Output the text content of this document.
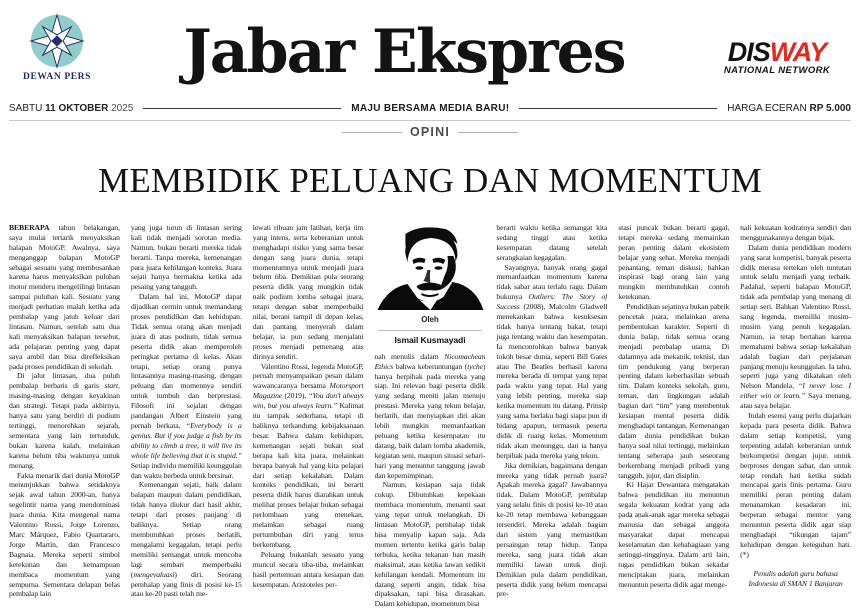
DEWAN PERS	Jabar Ekspres	DISWAY
NATIONAL NETWORK
SABTU 11 OKTOBER 2025	MAJU BERSAMA MEDIA BARU!	HARGA ECERAN RP 5.000
OPINI
MEMBIDIK PELUANG DAN MOMENTUM

BEBERAPA tahun belakangan, saya mulai tertarik menyaksikan balapan MotoGP. Awalnya, saya menganggap balapan MotoGP sebagai sesuatu yang membosankan karena harus menyaksikan puluhan motor menderu mengelilingi lintasan sampai puluhan kali. Sesuatu yang menjadi perhatian malah ketika ada pembalap yang jatuh keluar dari lintasan. Namun, setelah satu dua kali menyaksikan balapan tersebut, ada pelajaran penting yang dapat saya ambil dan bisa direfleksikan pada proses pendidikan di sekolah.

Di jalur lintasan, dua puluh pembalap berbaris di garis start, masing-masing dengan keyakinan dan strategi. Tetapi pada akhirnya, hanya satu yang berdiri di podium tertinggi, menorehkan sejarah, sementara yang lain tertunduk, bukan karena kalah, melainkan karena belum tiba waktunya untuk menang.

Fakta menarik dari dunia MotoGP menunjukkan bahwa setidaknya sejak awal tahun 2000-an, hanya segelintir nama yang mendominasi juara dunia. Kita mengenal nama Valentino Rossi, Jorge Lorenzo, Marc Márquez, Fabio Quartararo, Jorge Martín, dan Francesco Bagnaia. Mereka seperti simbol ketekunan dan kemampuan membaca momentum yang sempurna. Sementara delapan belas pembalap lain

yang juga turun di lintasan sering kali tidak menjadi sorotan media. Namun, bukan berarti mereka tidak berarti. Tanpa mereka, kemenangan para juara kehilangan konteks. Juara sejati hanya bermakna ketika ada pesaing yang tangguh.

Dalam hal ini, MotoGP dapat dijadikan cermin untuk memandang proses pendidikan dan kehidupan. Tidak semua orang akan menjadi juara di atas podium, tidak semua peserta didik akan memperoleh peringkat pertama di kelas. Akan tetapi, setiap orang punya lintasannya masing-masing, dengan peluang dan momennya sendiri untuk tumbuh dan berprestasi. Filosofi ini sejalan dengan pandangan Albert Einstein yang pernah berkata, “Everybody is a genius. But if you judge a fish by its ability to climb a tree, it will live its whole life believing that it is stupid.” Setiap individu memiliki keunggulan dan waktu berbeda untuk bersinar.

Kemenangan sejati, baik dalam balapan maupun dalam pendidikan, tidak hanya diukur dari hasil akhir, tetapi dari proses panjang di baliknya. Setiap orang membutuhkan proses berlatih, mengalami kegagalan, tetapi perlu memiliki semangat untuk mencoba lagi sembari memperbaiki (mengevaluasi) diri. Seorang pembalap yang finis di posisi ke-15 atau ke-20 pasti telah me-

lewati ribuan jam latihan, kerja tim yang intens, serta keberanian untuk menghadapi risiko yang sama besar dengan sang juara dunia, tetapi momentumnya untuk menjadi juara belum tiba. Demikian pula seorang peserta didik yang mungkin tidak naik podium lomba sebagai juara, tetapi dengan sabar memperbaiki nilai, berani tampil di depan kelas, dan pantang menyerah dalam belajar, ia pun sedang menjalani proses menjadi pemenang atas dirinya sendiri.

Valentino Rossi, legenda MotoGP, pernah menyampaikan pesan dalam wawancaranya bersama Motorsport Magazine (2019), “You don’t always win, but you always learn.” Kalimat itu tampak sederhana, tetapi di baliknya terkandung kebijaksanaan besar. Bahwa dalam kehidupan, kemenangan sejati bukan soal berapa kali kita juara, melainkan berapa banyak hal yang kita pelajari dari setiap kekalahan. Dalam konteks pendidikan, ini berarti peserta didik harus diarahkan untuk melihat proses belajar bukan sebagai perlombaan yang menekan, melainkan sebagai ruang pertumbuhan diri yang terus berkembang.

Peluang bukanlah sesuatu yang muncul secara tiba-tiba, melainkan hasil pertemuan antara kesiapan dan kesempatan. Aristoteles per-

Oleh
Ismail Kusmayadi

nah menulis dalam Nicomachean Ethics bahwa keberuntungan (tyche) hanya berpihak pada mereka yang siap. Ini relevan bagi peserta didik yang sedang meniti jalan menuju prestasi. Mereka yang tekun belajar, berlatih, dan menyiapkan diri akan lebih mungkin memanfaatkan peluang ketika kesempatan itu datang, baik dalam lomba akademik, kegiatan seni, maupun situasi sehari-hari yang menuntut tanggung jawab dan kepemimpinan.

Namun, kesiapan saja tidak cukup. Dibutuhkan kepekaan membaca momentum, menanti saat yang tepat untuk melangkah. Di lintasan MotoGP, pembalap tidak bisa menyalip kapan saja. Ada momen tertentu ketika garis balap terbuka, ketika tekanan ban masih maksimal, atau ketika lawan sedikit kehilangan kendali. Momentum itu datang seperti angin, tidak bisa dipaksakan, tapi bisa dirasakan. Dalam kehidupan, momentum bisa

berarti waktu ketika semangat kita sedang tinggi atau ketika kesempatan datang setelah serangkaian kegagalan.

Sayangnya, banyak orang gagal memanfaatkan momentum karena tidak sabar atau terlalu ragu. Dalam bukunya Outliers: The Story of Success (2008), Malcolm Gladwell menekankan bahwa kesuksesan tidak hanya tentang bakat, tetapi juga tentang waktu dan kesempatan. Ia mencontohkan bahwa banyak tokoh besar dunia, seperti Bill Gates atau The Beatles berhasil karena mereka berada di tempat yang tepat pada waktu yang tepat. Hal yang yang lebih penting, mereka siap ketika momentum itu datang. Prinsip yang sama berlaku bagi siapa pun di bidang apapun, termasuk peserta didik di ruang kelas. Momentum tidak akan menunggu, dan ia hanya berpihak pada mereka yang tekun.

Jika demikian, bagaimana dengan mereka yang tidak pernah juara? Apakah mereka gagal? Jawabannya tidak. Dalam MotoGP, pembalap yang selalu finis di posisi ke-10 atau ke-20 tetap membawa kebanggaan tersendiri. Mereka adalah bagian dari sistem yang memastikan persaingan tetap hidup. Tanpa mereka, sang juara tidak akan memiliki lawan untuk diuji. Demikian pula dalam pendidikan, peserta didik yang belum mencapai pre-

stasi puncak bukan berarti gagal, tetapi mereka sedang memainkan peran penting dalam ekosistem belajar yang sehat. Mereka menjadi penantang, teman diskusi, bahkan inspirasi bagi orang lain yang mungkin membutuhkan contoh ketekunan.

Pendidikan sejatinya bukan pabrik pencetak juara, melainkan arena pembentukan karakter. Seperti di dunia balap, tidak semua orang menjadi pembalap utama. Di dalamnya ada mekanik, teknisi, dan tim pendukung yang berperan penting dalam keberhasilan sebuah tim. Dalam konteks sekolah, guru, teman, dan lingkungan adalah bagian dari “tim” yang membentuk kesiapan mental peserta didik menghadapi tantangan. Kemenangan dalam dunia pendidikan bukan hanya soal nilai tertinggi, melainkan tentang seberapa jauh seseorang berkembang menjadi pribadi yang tangguh, jujur, dan disiplin.

Ki Hajar Dewantara mengatakan bahwa pendidikan itu menuntun segala kekuatan kodrat yang ada pada anak-anak agar mereka sebagai manusia dan sebagai anggota masyarakat dapat mencapai keselamatan dan kebahagiaan yang setinggi-tingginya. Dalam arti lain, tugas pendidikan bukan sekadar menciptakan juara, melainkan menuntun peserta didik agar menge-

nali kekuatan kodratnya sendiri dan menggunakannya dengan bijak.

Dalam dunia pendidikan modern yang sarat kompetisi, banyak peserta didik merasa tertekan oleh tuntutan untuk selalu menjadi yang terbaik. Padahal, seperti balapan MotoGP, tidak ada pembalap yang menang di setiap seri. Bahkan Valentino Rossi, sang legenda, memiliki musim-musim yang penuh kegagalan. Namun, ia tetap bertahan karena memahami bahwa setiap kekalahan adalah bagian dari perjalanan panjang menuju keunggulan. Ia tahu, seperti juga yang dikatakan oleh Nelson Mandela, “I never lose. I either win or learn.” Saya menang, atau saya belajar.

Itulah esensi yang perlu diajarkan kepada para peserta didik. Bahwa dalam setiap kompetisi, yang terpenting adalah keberanian untuk berkompetisi dengan jujur, untuk berproses dengan sabar, dan untuk tetap rendah hati ketika sudah mencapai garis finis pertama. Guru memiliki peran penting dalam menanamkan kesadaran ini, berperan sebagai mentor yang menuntun peserta didik agar siap menghadapi “tikungan tajam” kehidupan dengan keteguhan hati. (*)

Penulis adalah guru bahasa Indonesia di SMAN 1 Banjaran
